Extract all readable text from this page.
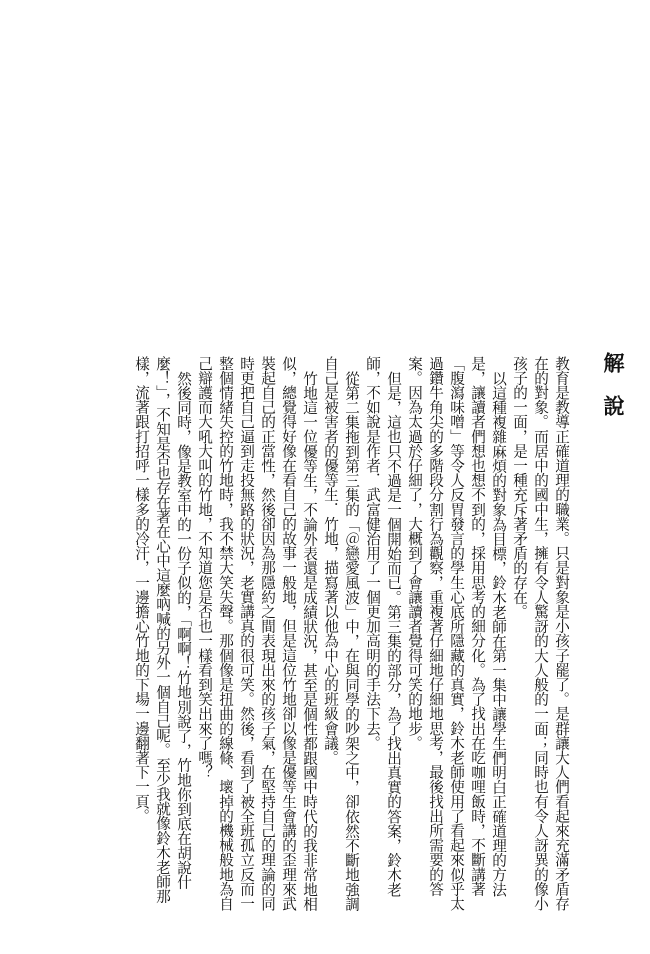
解說

教育是教導正確道理的職業。只是對象是小孩子罷了。是群讓大人們看起來充滿矛盾存在的對象。而居中的國中生，擁有令人驚訝的大人般的一面；同時也有令人訝異的像小孩子的一面，是一種充斥著矛盾的存在。

以這種複雜麻煩的對象為目標，鈴木老師在第一集中讓學生們明白正確道理的方法是，讓讀者們想也想不到的，採用思考的細分化。為了找出在吃咖哩飯時，不斷講著「腹瀉味噌」等令人反胃發言的學生心底所隱藏的真實，鈴木老師使用了看起來似乎太過鑽牛角尖的多階段分割行為觀察，重複著仔細地仔細地思考，最後找出所需要的答案。因為太過於仔細了，大概到了會讓讀者覺得可笑的地步。

但是，這也只不過是一個開始而已。第三集的部分，為了找出真實的答案，鈴木老師，不如說是作者．武富健治用了一個更加高明的手法下去。

從第二集拖到第三集的「＠戀愛風波」中，在與同學的吵架之中，卻依然不斷地強調自己是被害者的優等生．竹地，描寫著以他為中心的班級會議。

竹地這一位優等生，不論外表還是成績狀況，甚至是個性都跟國中時代的我非常地相似，總覺得好像在看自己的故事一般地，但是這位竹地卻以像是優等生會講的歪理來武裝起自己的正當性，然後卻因為那隱約之間表現出來的孩子氣，在堅持自己的理論的同時更把自己逼到走投無路的狀況，老實講真的很可笑。然後，看到了被全班孤立反而一整個情緒失控的竹地時，我不禁大笑失聲。那個像是扭曲的線條、壞掉的機械般地為自己辯護而大吼大叫的竹地，不知道您是否也一樣看到笑出來了嗎？

然後同時，像是教室中的一份子似的，「啊啊！竹地別說了，竹地你到底在胡說什麼！」，不知是否也存在著在心中這麼吶喊的另外一個自己呢。至少我就像鈴木老師那樣，流著跟打招呼一樣多的冷汗，一邊擔心竹地的下場一邊翻著下一頁。
